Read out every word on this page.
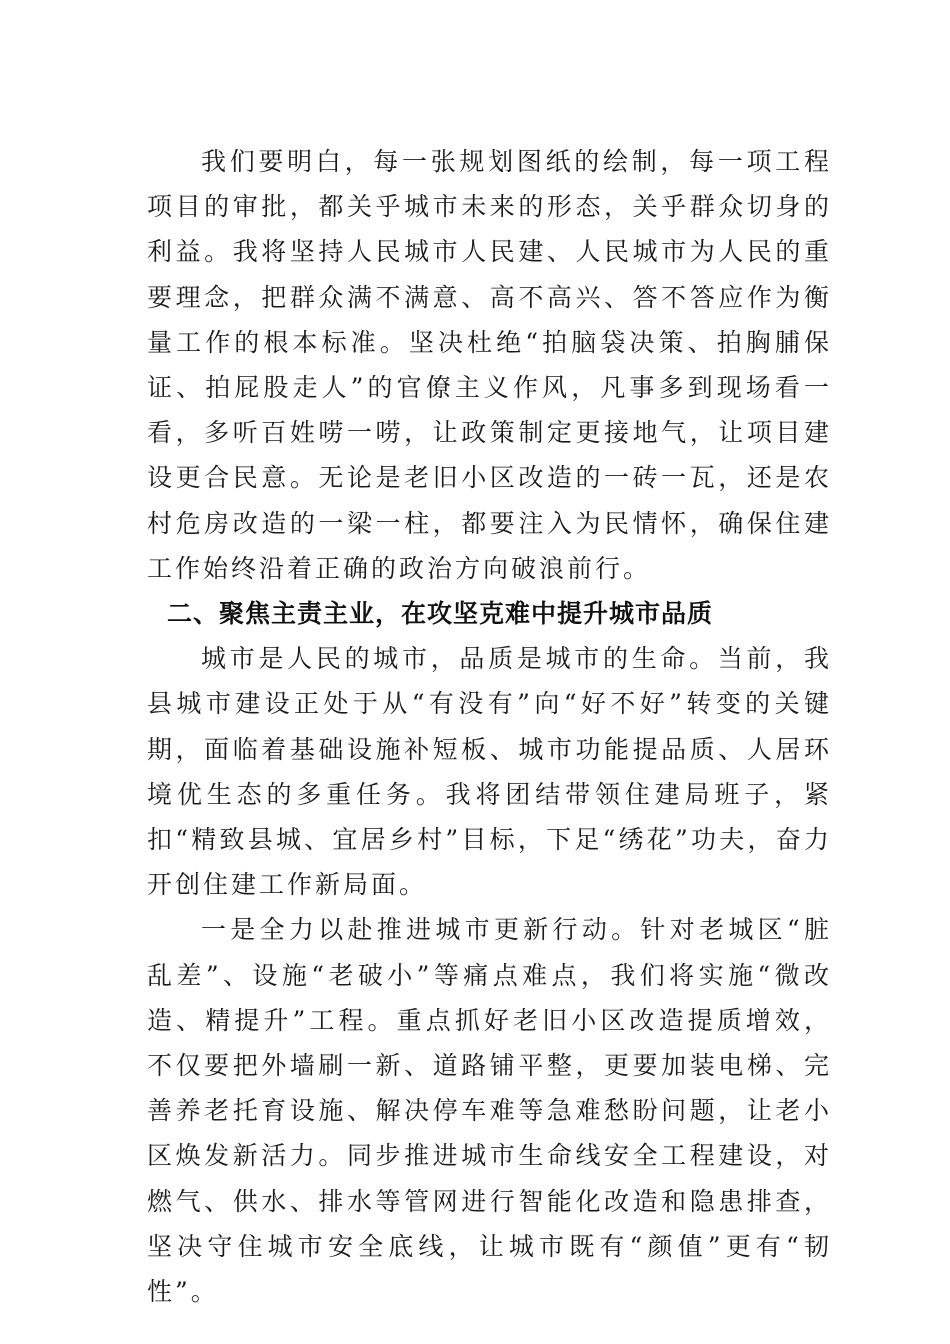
我们要明白，每一张规划图纸的绘制，每一项工程项目的审批，都关乎城市未来的形态，关乎群众切身的利益。我将坚持人民城市人民建、人民城市为人民的重要理念，把群众满不满意、高不高兴、答不答应作为衡量工作的根本标准。坚决杜绝“拍脑袋决策、拍胸脯保证、拍屁股走人”的官僚主义作风，凡事多到现场看一看，多听百姓唠一唠，让政策制定更接地气，让项目建设更合民意。无论是老旧小区改造的一砖一瓦，还是农村危房改造的一梁一柱，都要注入为民情怀，确保住建工作始终沿着正确的政治方向破浪前行。

二、聚焦主责主业，在攻坚克难中提升城市品质

城市是人民的城市，品质是城市的生命。当前，我县城市建设正处于从“有没有”向“好不好”转变的关键期，面临着基础设施补短板、城市功能提品质、人居环境优生态的多重任务。我将团结带领住建局班子，紧扣“精致县城、宜居乡村”目标，下足“绣花”功夫，奋力开创住建工作新局面。

一是全力以赴推进城市更新行动。针对老城区“脏乱差”、设施“老破小”等痛点难点，我们将实施“微改造、精提升”工程。重点抓好老旧小区改造提质增效，不仅要把外墙刷一新、道路铺平整，更要加装电梯、完善养老托育设施、解决停车难等急难愁盼问题，让老小区焕发新活力。同步推进城市生命线安全工程建设，对燃气、供水、排水等管网进行智能化改造和隐患排查，坚决守住城市安全底线，让城市既有“颜值”更有“韧性”。
